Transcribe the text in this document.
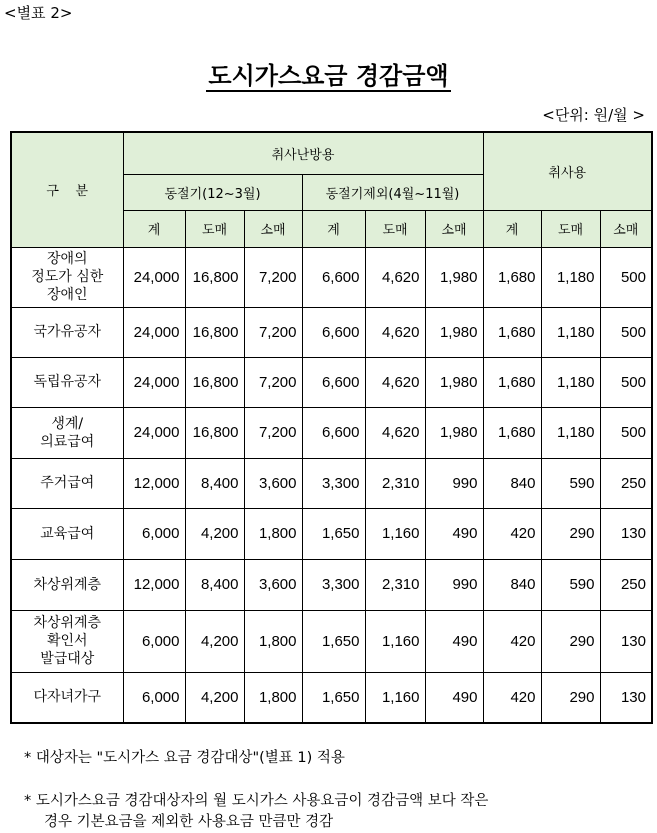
<별표 2>
도시가스요금 경감금액
<단위: 원/월 >
구    분	취사난방용						취사용		
	동절기(12~3월)			동절기제외(4월~11월)					
	계	도매	소매	계	도매	소매	계	도매	소매
장애의
정도가 심한
장애인	24,000	16,800	7,200	6,600	4,620	1,980	1,680	1,180	500
국가유공자	24,000	16,800	7,200	6,600	4,620	1,980	1,680	1,180	500
독립유공자	24,000	16,800	7,200	6,600	4,620	1,980	1,680	1,180	500
생계/
의료급여	24,000	16,800	7,200	6,600	4,620	1,980	1,680	1,180	500
주거급여	12,000	8,400	3,600	3,300	2,310	990	840	590	250
교육급여	6,000	4,200	1,800	1,650	1,160	490	420	290	130
차상위계층	12,000	8,400	3,600	3,300	2,310	990	840	590	250
차상위계층
확인서
발급대상	6,000	4,200	1,800	1,650	1,160	490	420	290	130
다자녀가구	6,000	4,200	1,800	1,650	1,160	490	420	290	130
* 대상자는 "도시가스 요금 경감대상"(별표 1) 적용
* 도시가스요금 경감대상자의 월 도시가스 사용요금이 경감금액 보다 작은
경우 기본요금을 제외한 사용요금 만큼만 경감
